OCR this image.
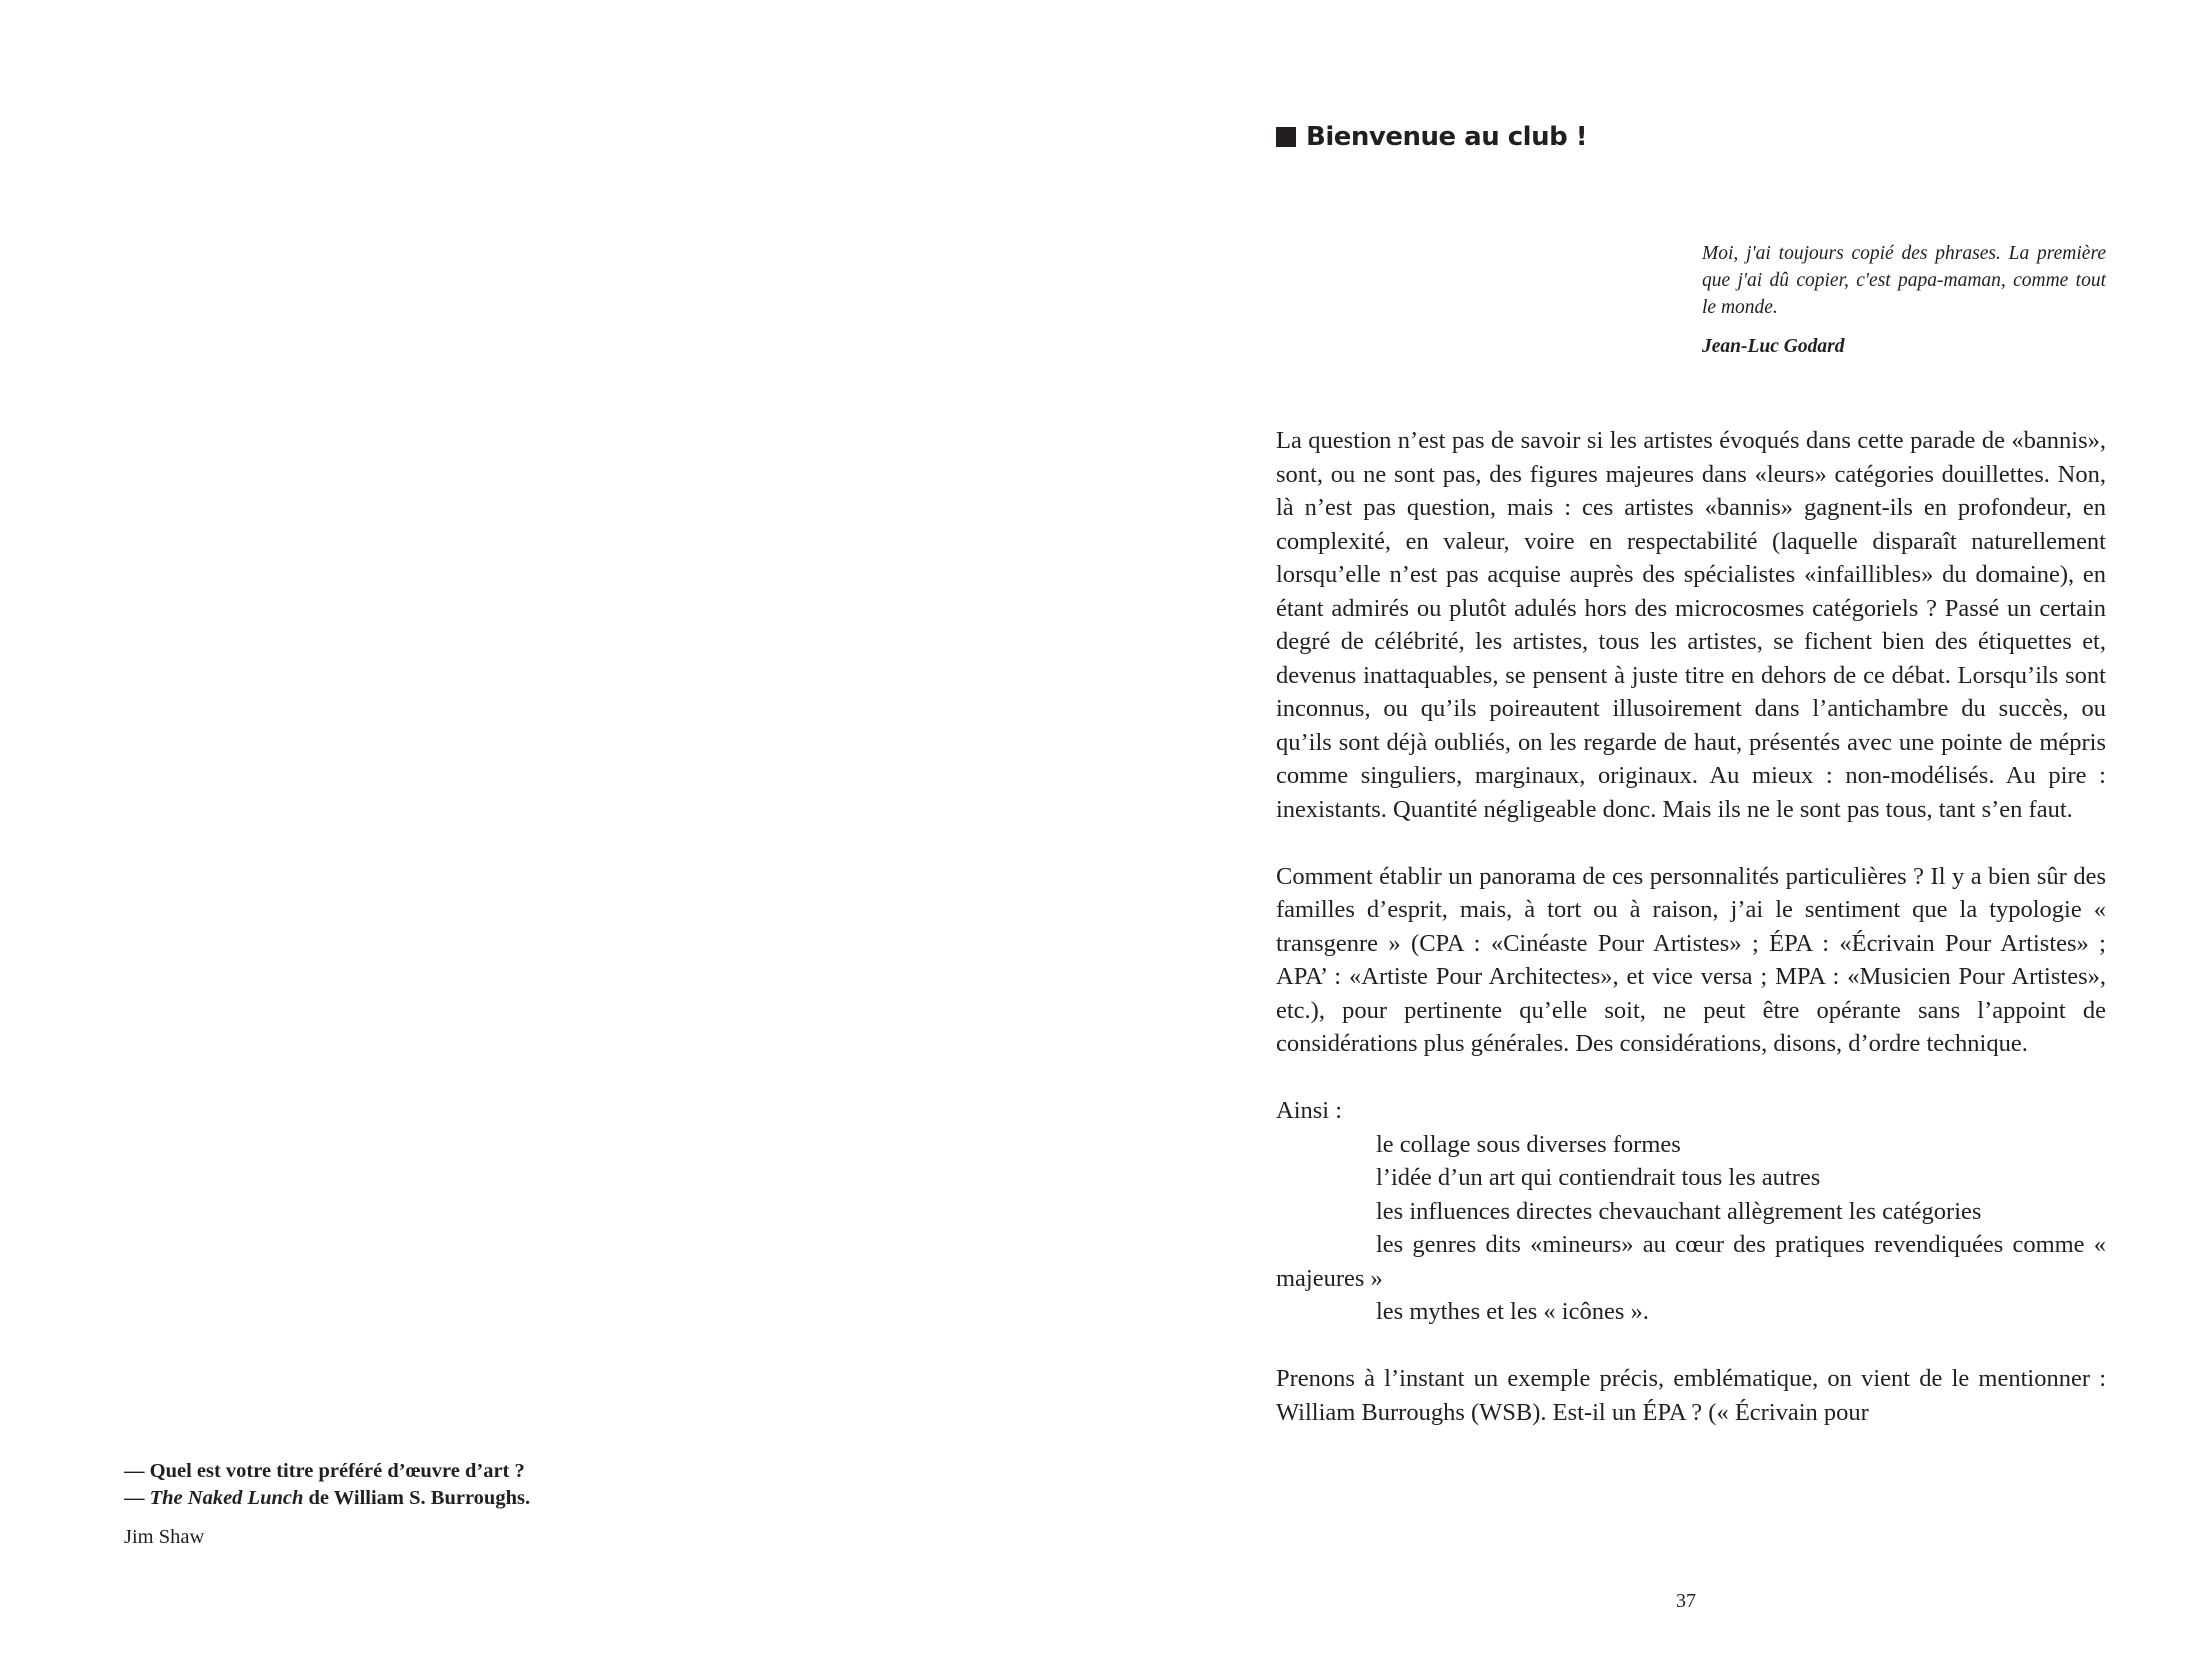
— Quel est votre titre préféré d’œuvre d’art ?
— The Naked Lunch de William S. Burroughs.
Jim Shaw
Bienvenue au club !
Moi, j'ai toujours copié des phrases. La première que j'ai dû copier, c'est papa-maman, comme tout le monde.
Jean-Luc Godard

La question n’est pas de savoir si les artistes évoqués dans cette parade de «bannis», sont, ou ne sont pas, des figures majeures dans «leurs» catégories douillettes. Non, là n’est pas question, mais : ces artistes «bannis» gagnent-ils en profondeur, en complexité, en valeur, voire en respectabilité (laquelle disparaît naturellement lorsqu’elle n’est pas acquise auprès des spécialistes «infaillibles» du domaine), en étant admirés ou plutôt adulés hors des microcosmes catégoriels ? Passé un certain degré de célébrité, les artistes, tous les artistes, se fichent bien des étiquettes et, devenus inattaquables, se pensent à juste titre en dehors de ce débat. Lorsqu’ils sont inconnus, ou qu’ils poireautent illusoirement dans l’antichambre du succès, ou qu’ils sont déjà oubliés, on les regarde de haut, présentés avec une pointe de mépris comme singuliers, marginaux, originaux. Au mieux : non-modélisés. Au pire : inexistants. Quantité négligeable donc. Mais ils ne le sont pas tous, tant s’en faut.

Comment établir un panorama de ces personnalités particulières ? Il y a bien sûr des familles d’esprit, mais, à tort ou à raison, j’ai le sentiment que la typologie « transgenre » (CPA : «Cinéaste Pour Artistes» ; ÉPA : «Écrivain Pour Artistes» ; APA’ : «Artiste Pour Architectes», et vice versa ; MPA : «Musicien Pour Artistes», etc.), pour pertinente qu’elle soit, ne peut être opérante sans l’appoint de considérations plus générales. Des considérations, disons, d’ordre technique.

Ainsi :
le collage sous diverses formes
l’idée d’un art qui contiendrait tous les autres
les influences directes chevauchant allègrement les catégories
les genres dits «mineurs» au cœur des pratiques revendiquées comme « majeures »
les mythes et les « icônes ».

Prenons à l’instant un exemple précis, emblématique, on vient de le mentionner : William Burroughs (WSB). Est-il un ÉPA ? (« Écrivain pour

37
